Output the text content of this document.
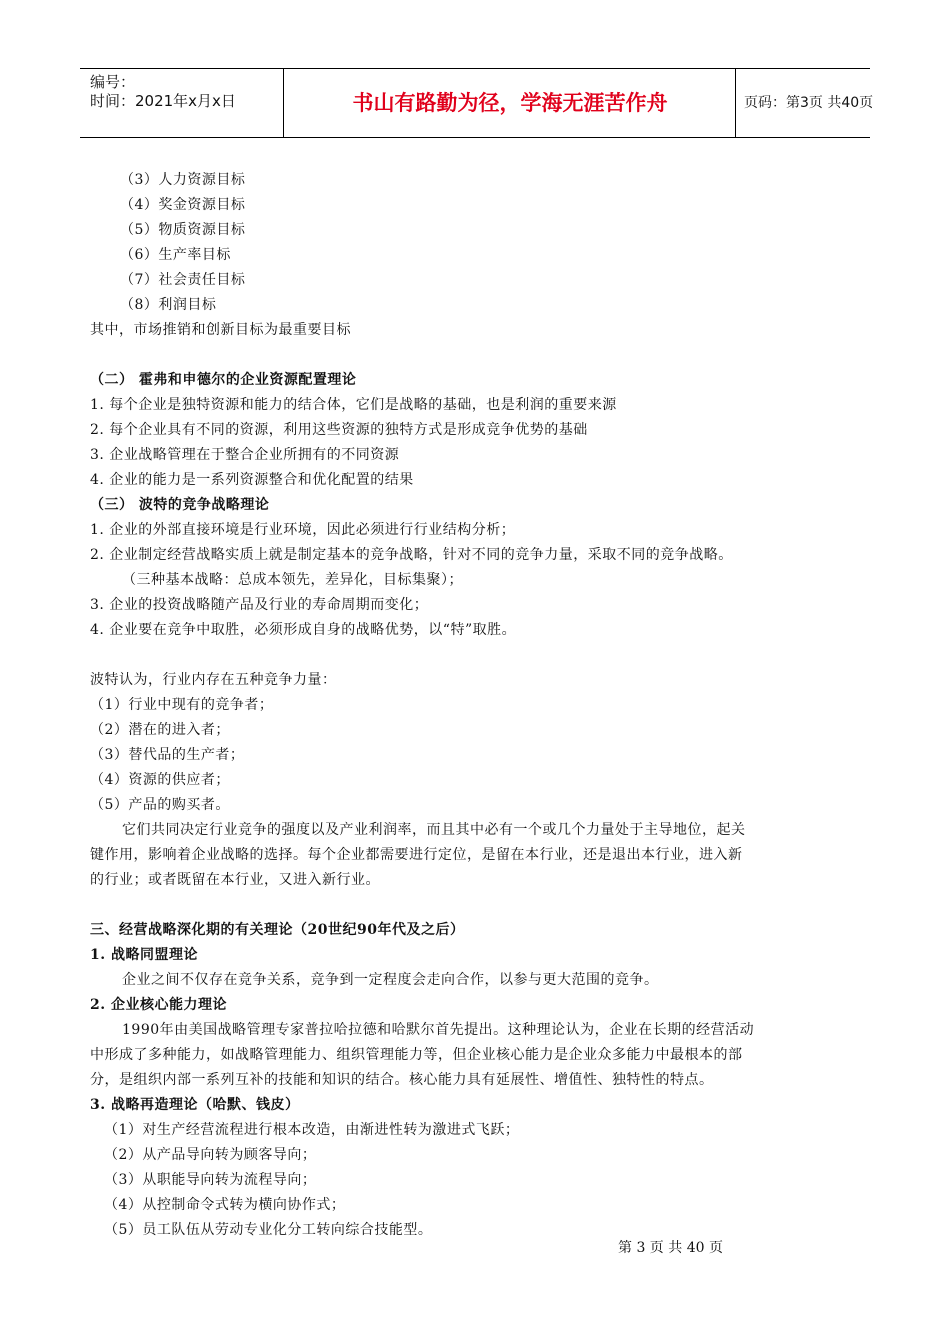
编号：
时间：2021年x月x日	书山有路勤为径，学海无涯苦作舟	页码：第3页 共40页
（3）人力资源目标
（4）奖金资源目标
（5）物质资源目标
（6）生产率目标
（7）社会责任目标
（8）利润目标
其中，市场推销和创新目标为最重要目标
（二） 霍弗和申德尔的企业资源配置理论
1. 每个企业是独特资源和能力的结合体，它们是战略的基础，也是利润的重要来源
2. 每个企业具有不同的资源，利用这些资源的独特方式是形成竞争优势的基础
3. 企业战略管理在于整合企业所拥有的不同资源
4. 企业的能力是一系列资源整合和优化配置的结果
（三） 波特的竞争战略理论
1. 企业的外部直接环境是行业环境，因此必须进行行业结构分析；
2. 企业制定经营战略实质上就是制定基本的竞争战略，针对不同的竞争力量，采取不同的竞争战略。
（三种基本战略：总成本领先，差异化，目标集聚）；
3. 企业的投资战略随产品及行业的寿命周期而变化；
4. 企业要在竞争中取胜，必须形成自身的战略优势，以“特”取胜。
波特认为，行业内存在五种竞争力量：
（1）行业中现有的竞争者；
（2）潜在的进入者；
（3）替代品的生产者；
（4）资源的供应者；
（5）产品的购买者。
它们共同决定行业竞争的强度以及产业利润率，而且其中必有一个或几个力量处于主导地位，起关
键作用，影响着企业战略的选择。每个企业都需要进行定位，是留在本行业，还是退出本行业，进入新
的行业；或者既留在本行业，又进入新行业。
三、经营战略深化期的有关理论（20世纪90年代及之后）
1. 战略同盟理论
企业之间不仅存在竞争关系，竞争到一定程度会走向合作，以参与更大范围的竞争。
2. 企业核心能力理论
1990年由美国战略管理专家普拉哈拉德和哈默尔首先提出。这种理论认为，企业在长期的经营活动
中形成了多种能力，如战略管理能力、组织管理能力等，但企业核心能力是企业众多能力中最根本的部
分，是组织内部一系列互补的技能和知识的结合。核心能力具有延展性、增值性、独特性的特点。
3. 战略再造理论（哈默、钱皮）
（1）对生产经营流程进行根本改造，由渐进性转为激进式飞跃；
（2）从产品导向转为顾客导向；
（3）从职能导向转为流程导向；
（4）从控制命令式转为横向协作式；
（5）员工队伍从劳动专业化分工转向综合技能型。
第 3 页 共 40 页
